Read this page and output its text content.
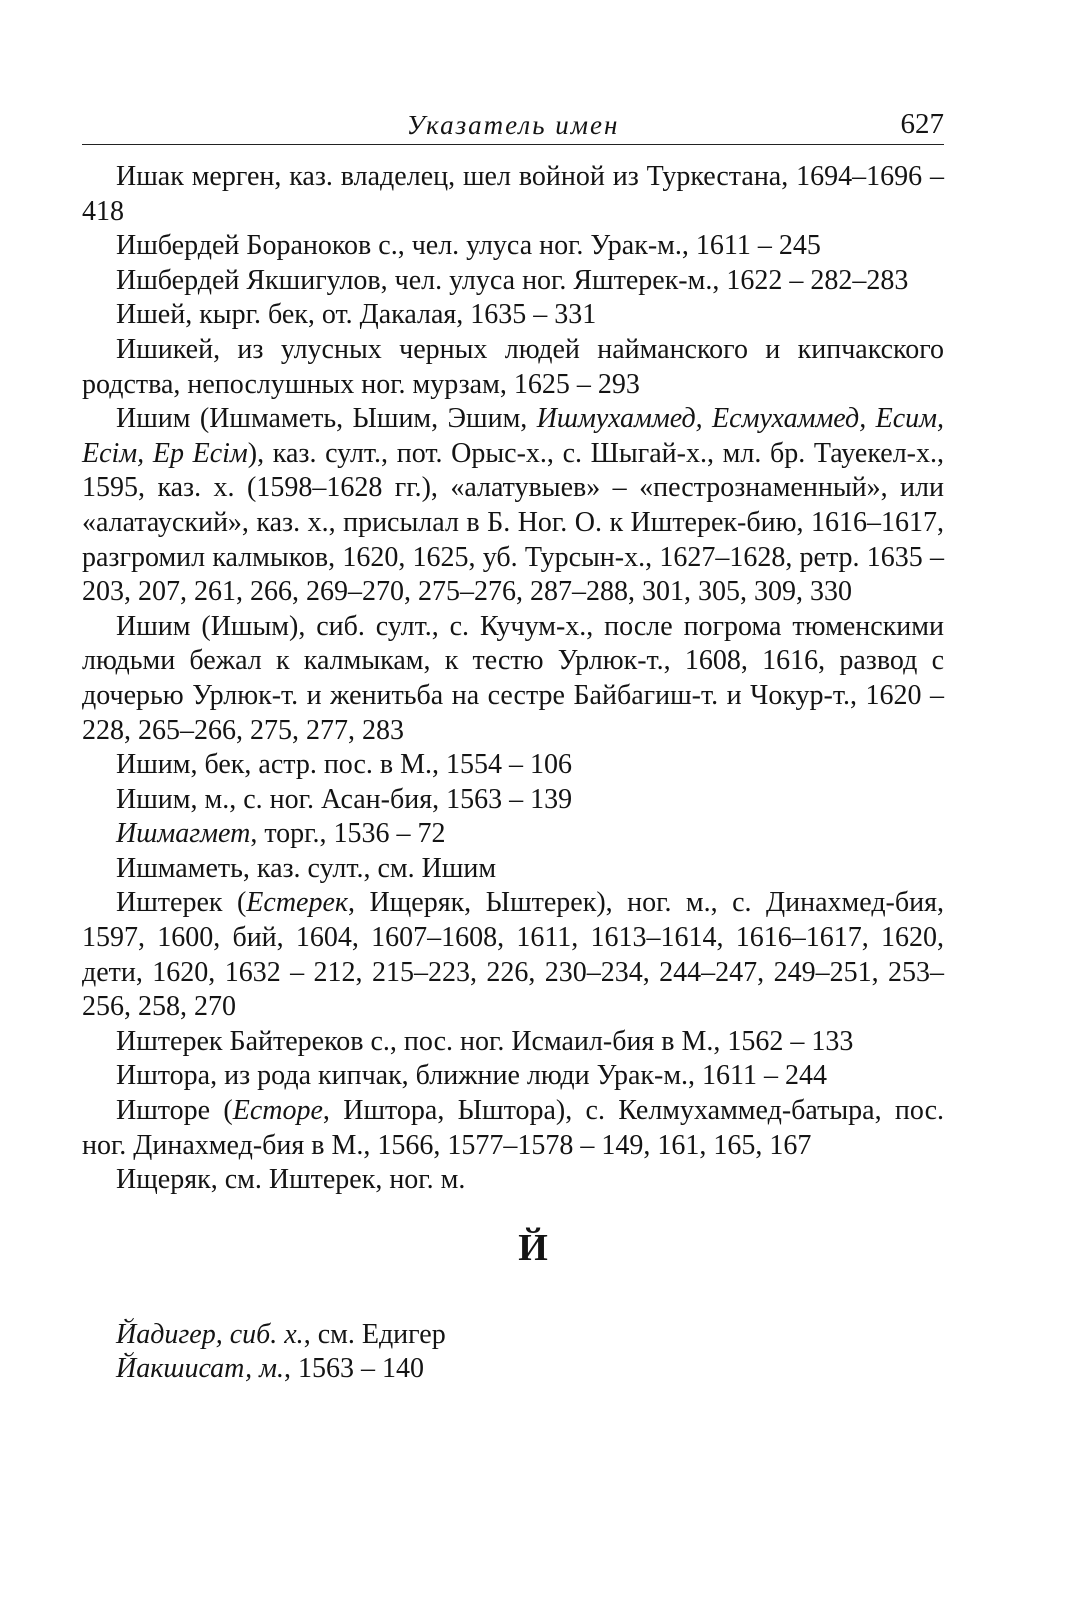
Указатель имен	627

Ишак мерген, каз. владелец, шел войной из Туркестана, 1694–1696 – 418

Ишбердей Бораноков с., чел. улуса ног. Урак-м., 1611 – 245

Ишбердей Якшигулов, чел. улуса ног. Яштерек-м., 1622 – 282–283

Ишей, кырг. бек, от. Дакалая, 1635 – 331

Ишикей, из улусных черных людей найманского и кипчакского родства, непослушных ног. мурзам, 1625 – 293

Ишим (Ишмаметь, Ышим, Эшим, Ишмухаммед, Есмухаммед, Есим, Есім, Ер Есім), каз. султ., пот. Орыс-х., с. Шыгай-х., мл. бр. Тауекел-х., 1595, каз. х. (1598–1628 гг.), «алатувыев» – «пестрознаменный», или «алатауский», каз. х., присылал в Б. Ног. О. к Иштерек-бию, 1616–1617, разгромил калмыков, 1620, 1625, уб. Турсын-х., 1627–1628, ретр. 1635 – 203, 207, 261, 266, 269–270, 275–276, 287–288, 301, 305, 309, 330

Ишим (Ишым), сиб. султ., с. Кучум-х., после погрома тюменскими людьми бежал к калмыкам, к тестю Урлюк-т., 1608, 1616, развод с дочерью Урлюк-т. и женитьба на сестре Байбагиш-т. и Чокур-т., 1620 – 228, 265–266, 275, 277, 283

Ишим, бек, астр. пос. в М., 1554 – 106

Ишим, м., с. ног. Асан-бия, 1563 – 139

Ишмагмет, торг., 1536 – 72

Ишмаметь, каз. султ., см. Ишим

Иштерек (Естерек, Ищеряк, Ыштерек), ног. м., с. Динахмед-бия, 1597, 1600, бий, 1604, 1607–1608, 1611, 1613–1614, 1616–1617, 1620, дети, 1620, 1632 – 212, 215–223, 226, 230–234, 244–247, 249–251, 253–256, 258, 270

Иштерек Байтереков с., пос. ног. Исмаил-бия в М., 1562 – 133

Иштора, из рода кипчак, ближние люди Урак-м., 1611 – 244

Ишторе (Есторе, Иштора, Ыштора), с. Келмухаммед-батыра, пос. ног. Динахмед-бия в М., 1566, 1577–1578 – 149, 161, 165, 167

Ищеряк, см. Иштерек, ног. м.

Й

Йадигер, сиб. х., см. Едигер

Йакшисат, м., 1563 – 140
